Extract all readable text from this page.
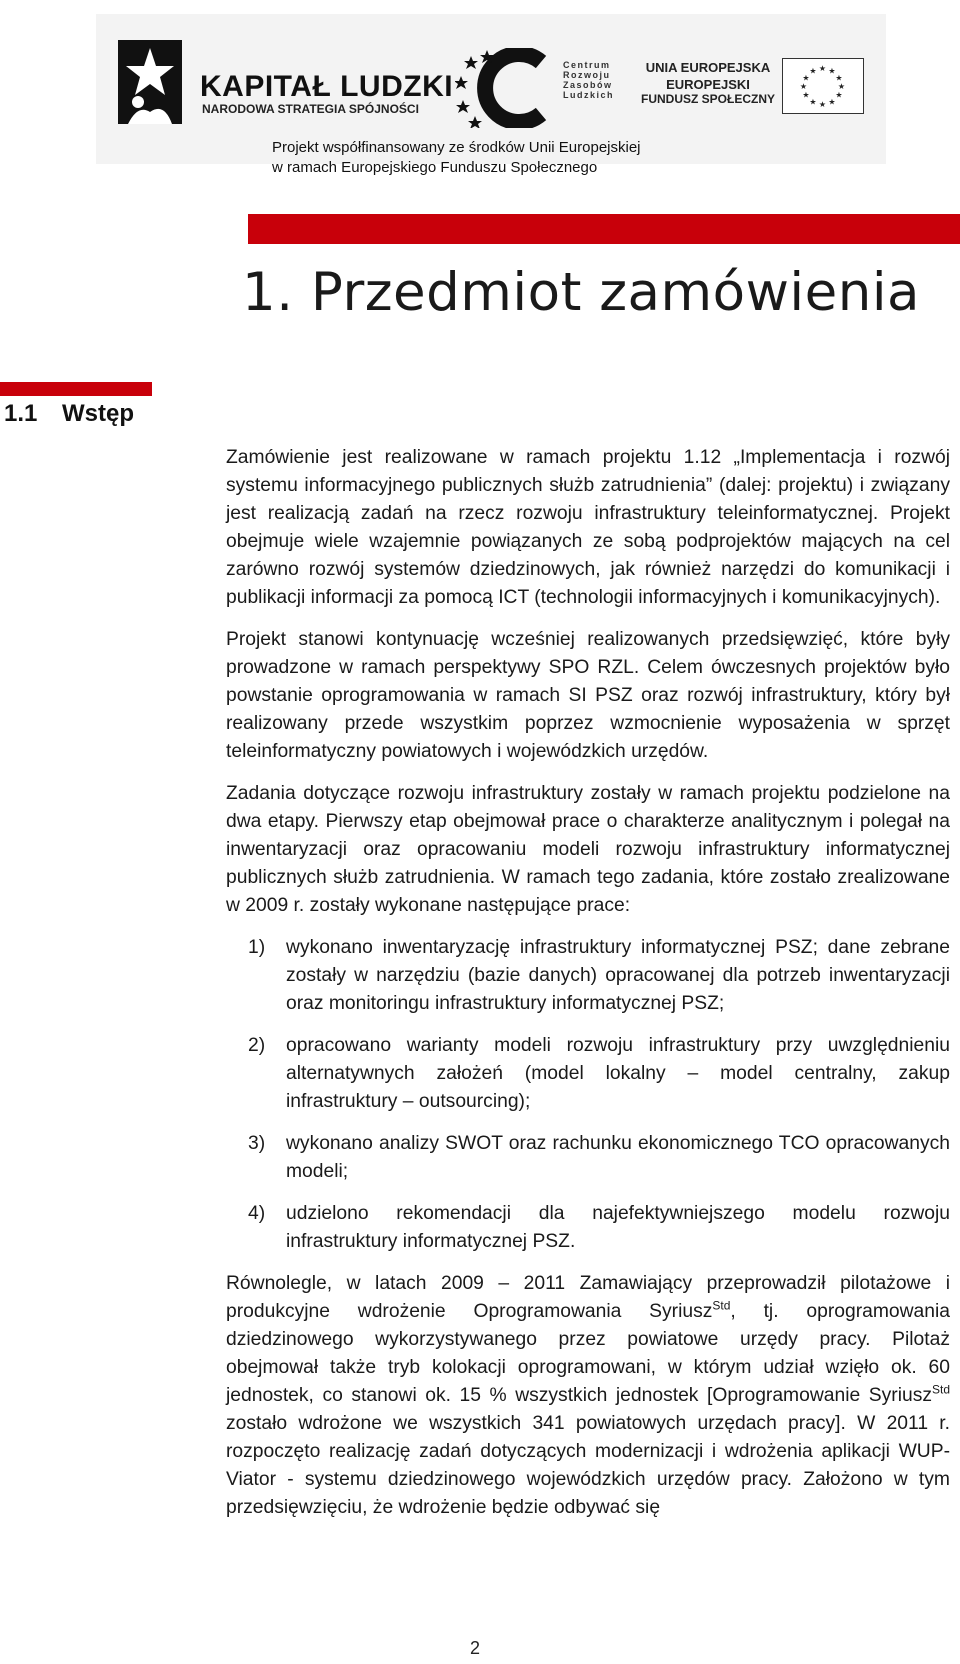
KAPITAŁ LUDZKI
NARODOWA STRATEGIA SPÓJNOŚCI
Centrum
Rozwoju
Zasobów
Ludzkich
UNIA EUROPEJSKA
EUROPEJSKI
FUNDUSZ SPOŁECZNY
★ ★
★
★
★
★
★
★
★
★
★
★
Projekt współfinansowany ze środków Unii Europejskiej
w ramach Europejskiego Funduszu Społecznego
1. Przedmiot zamówienia
1.1 Wstęp

Zamówienie jest realizowane w ramach projektu 1.12 „Implementacja i rozwój systemu informacyjnego publicznych służb zatrudnienia” (dalej: projektu) i związany jest realizacją zadań na rzecz rozwoju infrastruktury teleinformatycznej. Projekt obejmuje wiele wzajemnie powiązanych ze sobą podprojektów mających na cel zarówno rozwój systemów dziedzinowych, jak również narzędzi do komunikacji i publikacji informacji za pomocą ICT (technologii informacyjnych i komunikacyjnych).

Projekt stanowi kontynuację wcześniej realizowanych przedsięwzięć, które były prowadzone w ramach perspektywy SPO RZL. Celem ówczesnych projektów było powstanie oprogramowania w ramach SI PSZ oraz rozwój infrastruktury, który był realizowany przede wszystkim poprzez wzmocnienie wyposażenia w sprzęt teleinformatyczny powiatowych i wojewódzkich urzędów.

Zadania dotyczące rozwoju infrastruktury zostały w ramach projektu podzielone na dwa etapy. Pierwszy etap obejmował prace o charakterze analitycznym i polegał na inwentaryzacji oraz opracowaniu modeli rozwoju infrastruktury informatycznej publicznych służb zatrudnienia. W ramach tego zadania, które zostało zrealizowane w 2009 r. zostały wykonane następujące prace:

1) wykonano inwentaryzację infrastruktury informatycznej PSZ; dane zebrane zostały w narzędziu (bazie danych) opracowanej dla potrzeb inwentaryzacji oraz monitoringu infrastruktury informatycznej PSZ;
2) opracowano warianty modeli rozwoju infrastruktury przy uwzględnieniu alternatywnych założeń (model lokalny – model centralny, zakup infrastruktury – outsourcing);
3) wykonano analizy SWOT oraz rachunku ekonomicznego TCO opracowanych modeli;
4) udzielono rekomendacji dla najefektywniejszego modelu rozwoju infrastruktury informatycznej PSZ.

Równolegle, w latach 2009 – 2011 Zamawiający przeprowadził pilotażowe i produkcyjne wdrożenie Oprogramowania Syriusz$^{Std}$, tj. oprogramowania dziedzinowego wykorzystywanego przez powiatowe urzędy pracy. Pilotaż obejmował także tryb kolokacji oprogramowani, w którym udział wzięło ok. 60 jednostek, co stanowi ok. 15 % wszystkich jednostek [Oprogramowanie Syriusz$^{Std}$ zostało wdrożone we wszystkich 341 powiatowych urzędach pracy]. W 2011 r. rozpoczęto realizację zadań dotyczących modernizacji i wdrożenia aplikacji WUP-Viator - systemu dziedzinowego wojewódzkich urzędów pracy. Założono w tym przedsięwzięciu, że wdrożenie będzie odbywać się

2
